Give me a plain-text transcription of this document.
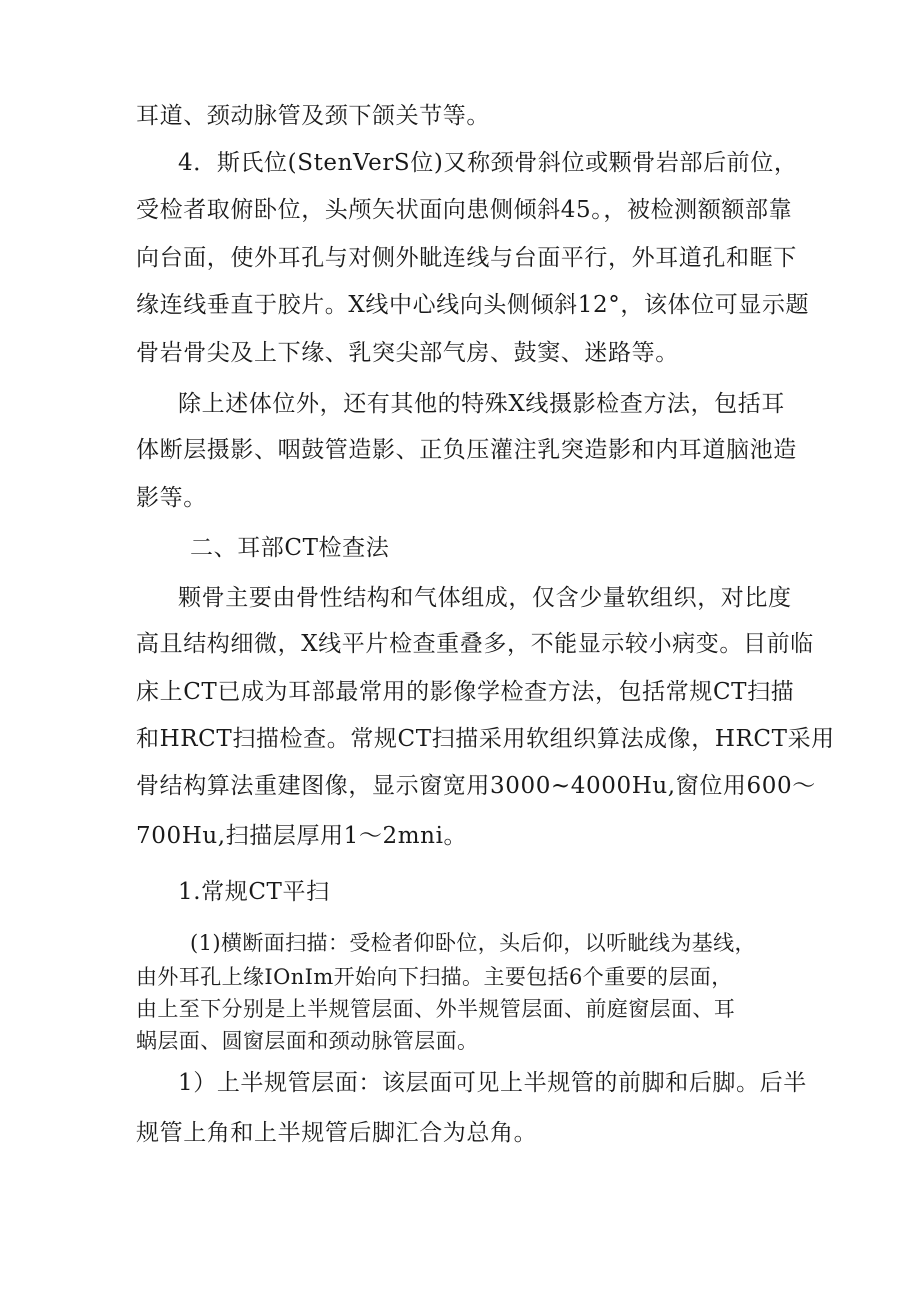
耳道、颈动脉管及颈下颌关节等。
4．斯氏位(StenVerS位)又称颈骨斜位或颗骨岩部后前位，
受检者取俯卧位，头颅矢状面向患侧倾斜45。，被检测额额部靠
向台面，使外耳孔与对侧外眦连线与台面平行，外耳道孔和眶下
缘连线垂直于胶片。X线中心线向头侧倾斜12°，该体位可显示题
骨岩骨尖及上下缘、乳突尖部气房、鼓窦、迷路等。
除上述体位外，还有其他的特殊X线摄影检查方法，包括耳
体断层摄影、咽鼓管造影、正负压灌注乳突造影和内耳道脑池造
影等。
二、耳部CT检查法
颗骨主要由骨性结构和气体组成，仅含少量软组织，对比度
高且结构细微，X线平片检查重叠多，不能显示较小病变。目前临
床上CT已成为耳部最常用的影像学检查方法，包括常规CT扫描
和HRCT扫描检查。常规CT扫描采用软组织算法成像，HRCT采用
骨结构算法重建图像，显示窗宽用3000~4000Hu,窗位用600～
700Hu,扫描层厚用1～2mni。
1.常规CT平扫
(1)横断面扫描：受检者仰卧位，头后仰，以听眦线为基线，
由外耳孔上缘IOnIm开始向下扫描。主要包括6个重要的层面，
由上至下分别是上半规管层面、外半规管层面、前庭窗层面、耳
蜗层面、圆窗层面和颈动脉管层面。
1）上半规管层面：该层面可见上半规管的前脚和后脚。后半
规管上角和上半规管后脚汇合为总角。
